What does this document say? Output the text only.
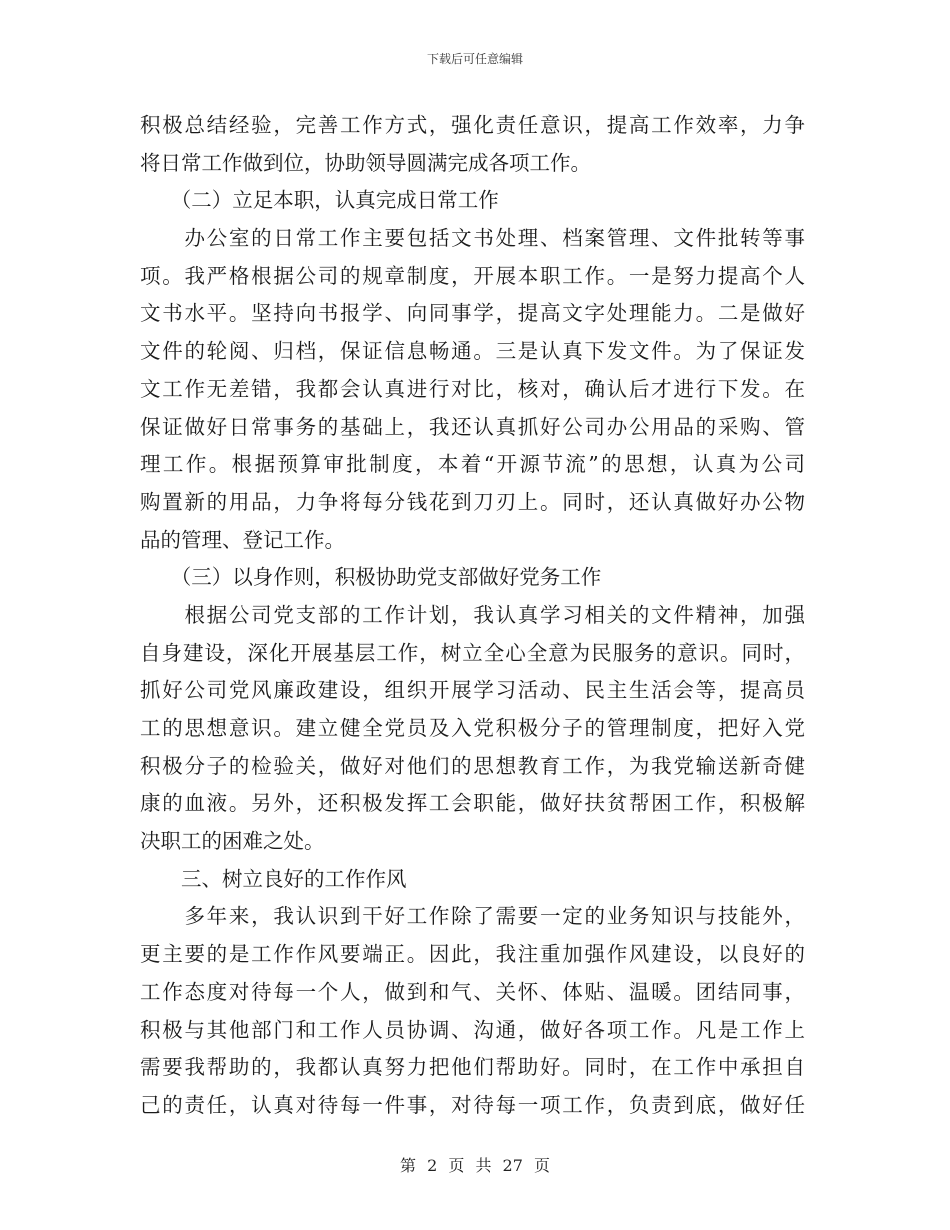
下载后可任意编辑
积极总结经验，完善工作方式，强化责任意识，提高工作效率，力争
将日常工作做到位，协助领导圆满完成各项工作。
　　（二）立足本职，认真完成日常工作
　　办公室的日常工作主要包括文书处理、档案管理、文件批转等事
项。我严格根据公司的规章制度，开展本职工作。一是努力提高个人
文书水平。坚持向书报学、向同事学，提高文字处理能力。二是做好
文件的轮阅、归档，保证信息畅通。三是认真下发文件。为了保证发
文工作无差错，我都会认真进行对比，核对，确认后才进行下发。在
保证做好日常事务的基础上，我还认真抓好公司办公用品的采购、管
理工作。根据预算审批制度，本着“开源节流”的思想，认真为公司
购置新的用品，力争将每分钱花到刀刃上。同时，还认真做好办公物
品的管理、登记工作。
　　（三）以身作则，积极协助党支部做好党务工作
　　根据公司党支部的工作计划，我认真学习相关的文件精神，加强
自身建设，深化开展基层工作，树立全心全意为民服务的意识。同时，
抓好公司党风廉政建设，组织开展学习活动、民主生活会等，提高员
工的思想意识。建立健全党员及入党积极分子的管理制度，把好入党
积极分子的检验关，做好对他们的思想教育工作，为我党输送新奇健
康的血液。另外，还积极发挥工会职能，做好扶贫帮困工作，积极解
决职工的困难之处。
　　三、树立良好的工作作风
　　多年来，我认识到干好工作除了需要一定的业务知识与技能外，
更主要的是工作作风要端正。因此，我注重加强作风建设，以良好的
工作态度对待每一个人，做到和气、关怀、体贴、温暖。团结同事，
积极与其他部门和工作人员协调、沟通，做好各项工作。凡是工作上
需要我帮助的，我都认真努力把他们帮助好。同时，在工作中承担自
己的责任，认真对待每一件事，对待每一项工作，负责到底，做好任
第 2 页 共 27 页
